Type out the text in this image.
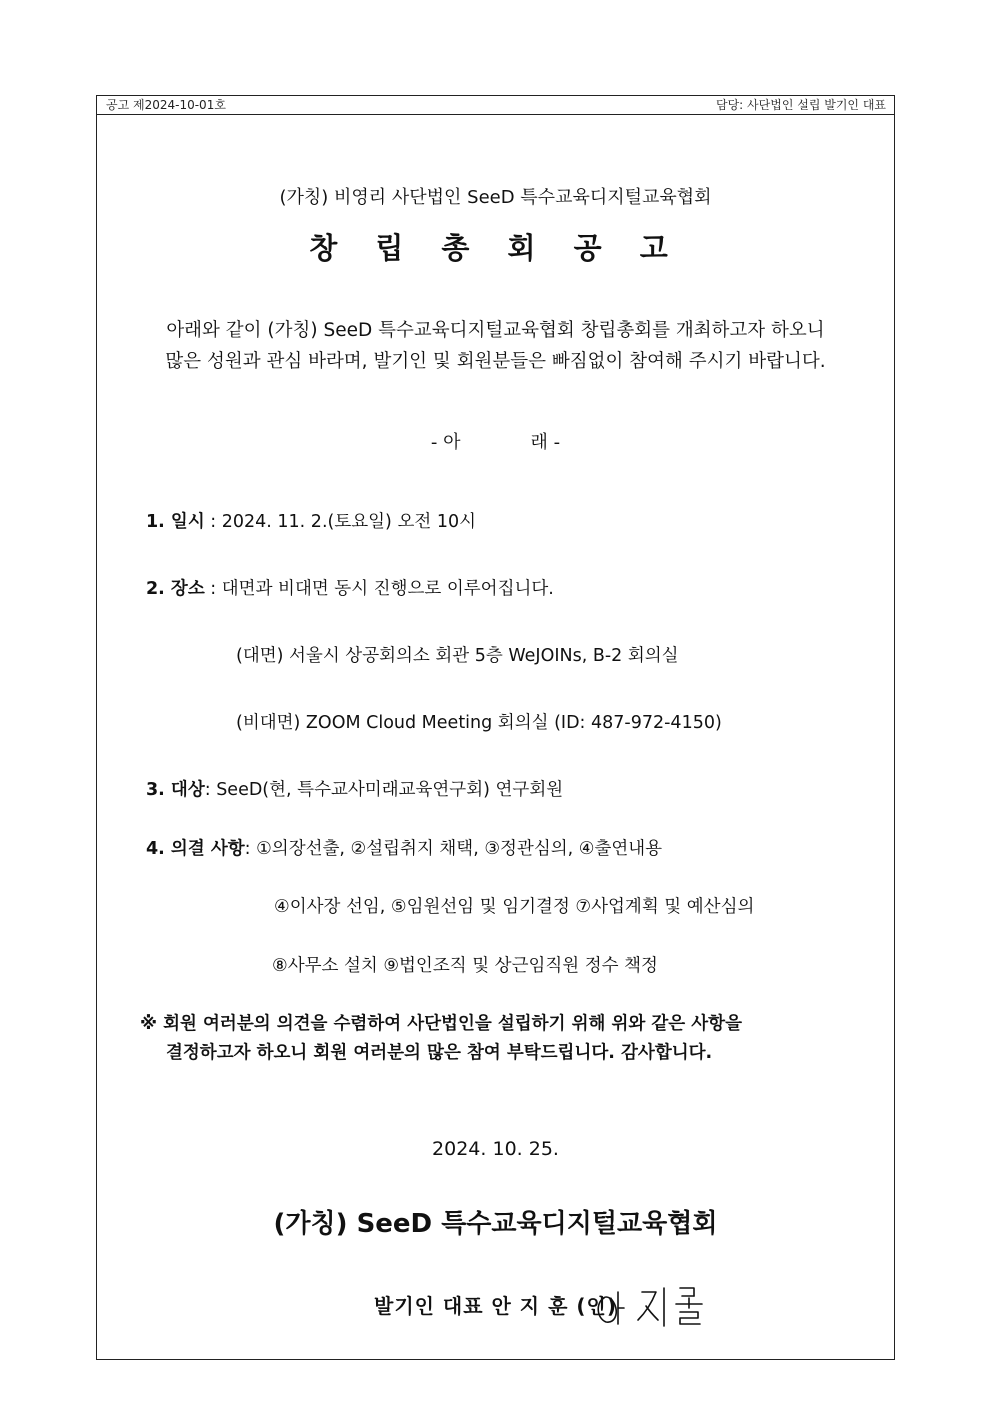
공고 제2024-10-01호	담당: 사단법인 설립 발기인 대표
(가칭) 비영리 사단법인 SeeD 특수교육디지털교육협회
창 립 총 회 공 고
아래와 같이 (가칭) SeeD 특수교육디지털교육협회 창립총회를 개최하고자 하오니
많은 성원과 관심 바라며, 발기인 및 회원분들은 빠짐없이 참여해 주시기 바랍니다.
- 아	래 -
1. 일시 : 2024. 11. 2.(토요일) 오전 10시
2. 장소 : 대면과 비대면 동시 진행으로 이루어집니다.
(대면) 서울시 상공회의소 회관 5층 WeJOINs, B-2 회의실
(비대면) ZOOM Cloud Meeting 회의실 (ID: 487-972-4150)
3. 대상: SeeD(현, 특수교사미래교육연구회) 연구회원
4. 의결 사항: ①의장선출, ②설립취지 채택, ③정관심의, ④출연내용
④이사장 선임, ⑤임원선임 및 임기결정 ⑦사업계획 및 예산심의
⑧사무소 설치 ⑨법인조직 및 상근임직원 정수 책정
※ 회원 여러분의 의견을 수렴하여 사단법인을 설립하기 위해 위와 같은 사항을
결정하고자 하오니 회원 여러분의 많은 참여 부탁드립니다. 감사합니다.
2024. 10. 25.
(가칭) SeeD 특수교육디지털교육협회
발기인 대표 안 지 훈 (인)
